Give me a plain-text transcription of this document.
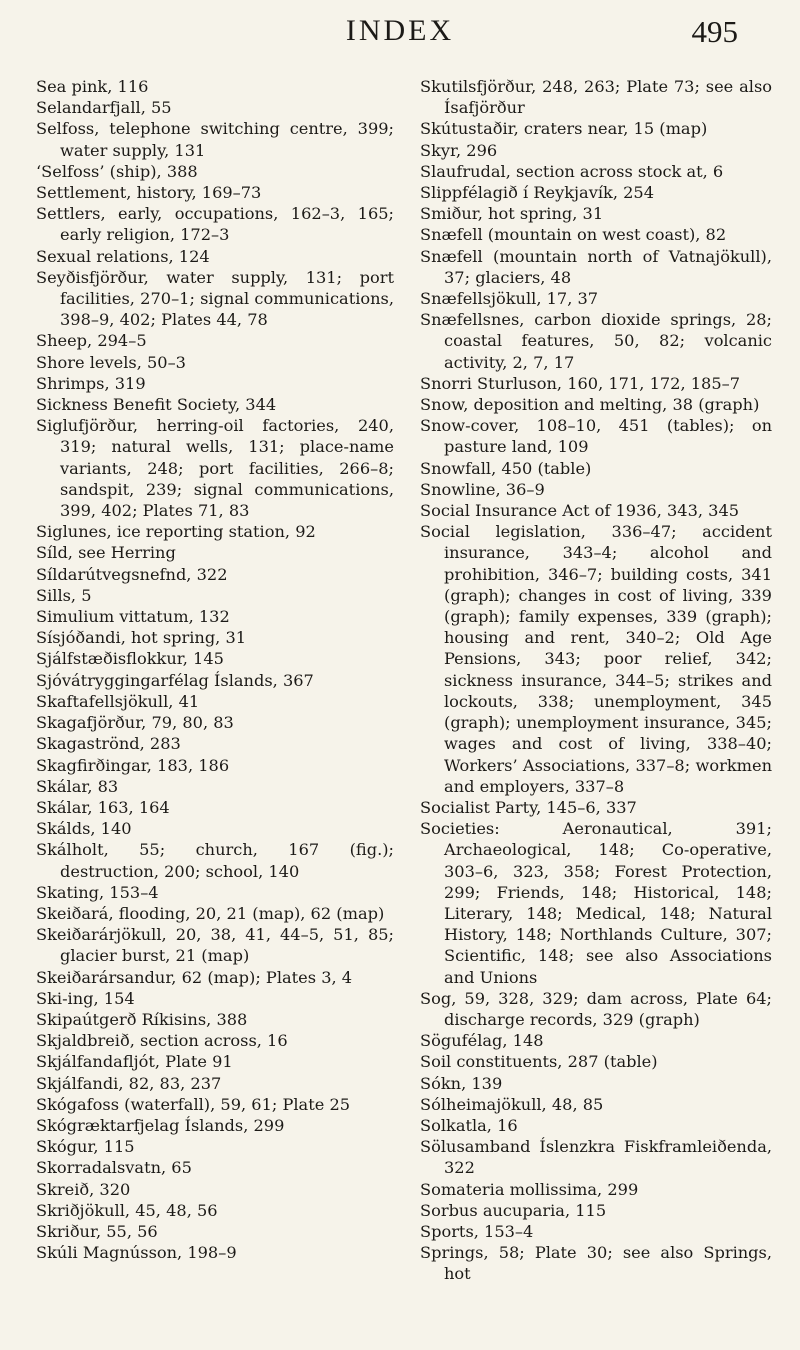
INDEX	495

Sea pink, 116

Selandarfjall, 55

Selfoss, telephone switching centre, 399; water supply, 131

‘Selfoss’ (ship), 388

Settlement, history, 169–73

Settlers, early, occupations, 162–3, 165; early religion, 172–3

Sexual relations, 124

Seyðisfjörður, water supply, 131; port facilities, 270–1; signal communications, 398–9, 402; Plates 44, 78

Sheep, 294–5

Shore levels, 50–3

Shrimps, 319

Sickness Benefit Society, 344

Siglufjörður, herring-oil factories, 240, 319; natural wells, 131; place-name variants, 248; port facilities, 266–8; sandspit, 239; signal communications, 399, 402; Plates 71, 83

Siglunes, ice reporting station, 92

Síld, see Herring

Síldarútvegsnefnd, 322

Sills, 5

Simulium vittatum, 132

Sísjóðandi, hot spring, 31

Sjálfstæðisflokkur, 145

Sjóvátryggingarfélag Íslands, 367

Skaftafellsjökull, 41

Skagafjörður, 79, 80, 83

Skagaströnd, 283

Skagfirðingar, 183, 186

Skálar, 83

Skálar, 163, 164

Skálds, 140

Skálholt, 55; church, 167 (fig.); destruction, 200; school, 140

Skating, 153–4

Skeiðará, flooding, 20, 21 (map), 62 (map)

Skeiðarárjökull, 20, 38, 41, 44–5, 51, 85; glacier burst, 21 (map)

Skeiðarársandur, 62 (map); Plates 3, 4

Ski-ing, 154

Skipaútgerð Ríkisins, 388

Skjaldbreið, section across, 16

Skjálfandafljót, Plate 91

Skjálfandi, 82, 83, 237

Skógafoss (waterfall), 59, 61; Plate 25

Skógræktarfjelag Íslands, 299

Skógur, 115

Skorradalsvatn, 65

Skreið, 320

Skriðjökull, 45, 48, 56

Skriður, 55, 56

Skúli Magnússon, 198–9

Skutilsfjörður, 248, 263; Plate 73; see also Ísafjörður

Skútustaðir, craters near, 15 (map)

Skyr, 296

Slaufrudal, section across stock at, 6

Slippfélagið í Reykjavík, 254

Smiður, hot spring, 31

Snæfell (mountain on west coast), 82

Snæfell (mountain north of Vatnajökull), 37; glaciers, 48

Snæfellsjökull, 17, 37

Snæfellsnes, carbon dioxide springs, 28; coastal features, 50, 82; volcanic activity, 2, 7, 17

Snorri Sturluson, 160, 171, 172, 185–7

Snow, deposition and melting, 38 (graph)

Snow-cover, 108–10, 451 (tables); on pasture land, 109

Snowfall, 450 (table)

Snowline, 36–9

Social Insurance Act of 1936, 343, 345

Social legislation, 336–47; accident insurance, 343–4; alcohol and prohibition, 346–7; building costs, 341 (graph); changes in cost of living, 339 (graph); family expenses, 339 (graph); housing and rent, 340–2; Old Age Pensions, 343; poor relief, 342; sickness insurance, 344–5; strikes and lockouts, 338; unemployment, 345 (graph); unemployment insurance, 345; wages and cost of living, 338–40; Workers’ Associations, 337–8; workmen and employers, 337–8

Socialist Party, 145–6, 337

Societies: Aeronautical, 391; Archaeological, 148; Co-operative, 303–6, 323, 358; Forest Protection, 299; Friends, 148; Historical, 148; Literary, 148; Medical, 148; Natural History, 148; Northlands Culture, 307; Scientific, 148; see also Associations and Unions

Sog, 59, 328, 329; dam across, Plate 64; discharge records, 329 (graph)

Sögufélag, 148

Soil constituents, 287 (table)

Sókn, 139

Sólheimajökull, 48, 85

Solkatla, 16

Sölusamband Íslenzkra Fiskframleiðenda, 322

Somateria mollissima, 299

Sorbus aucuparia, 115

Sports, 153–4

Springs, 58; Plate 30; see also Springs, hot
